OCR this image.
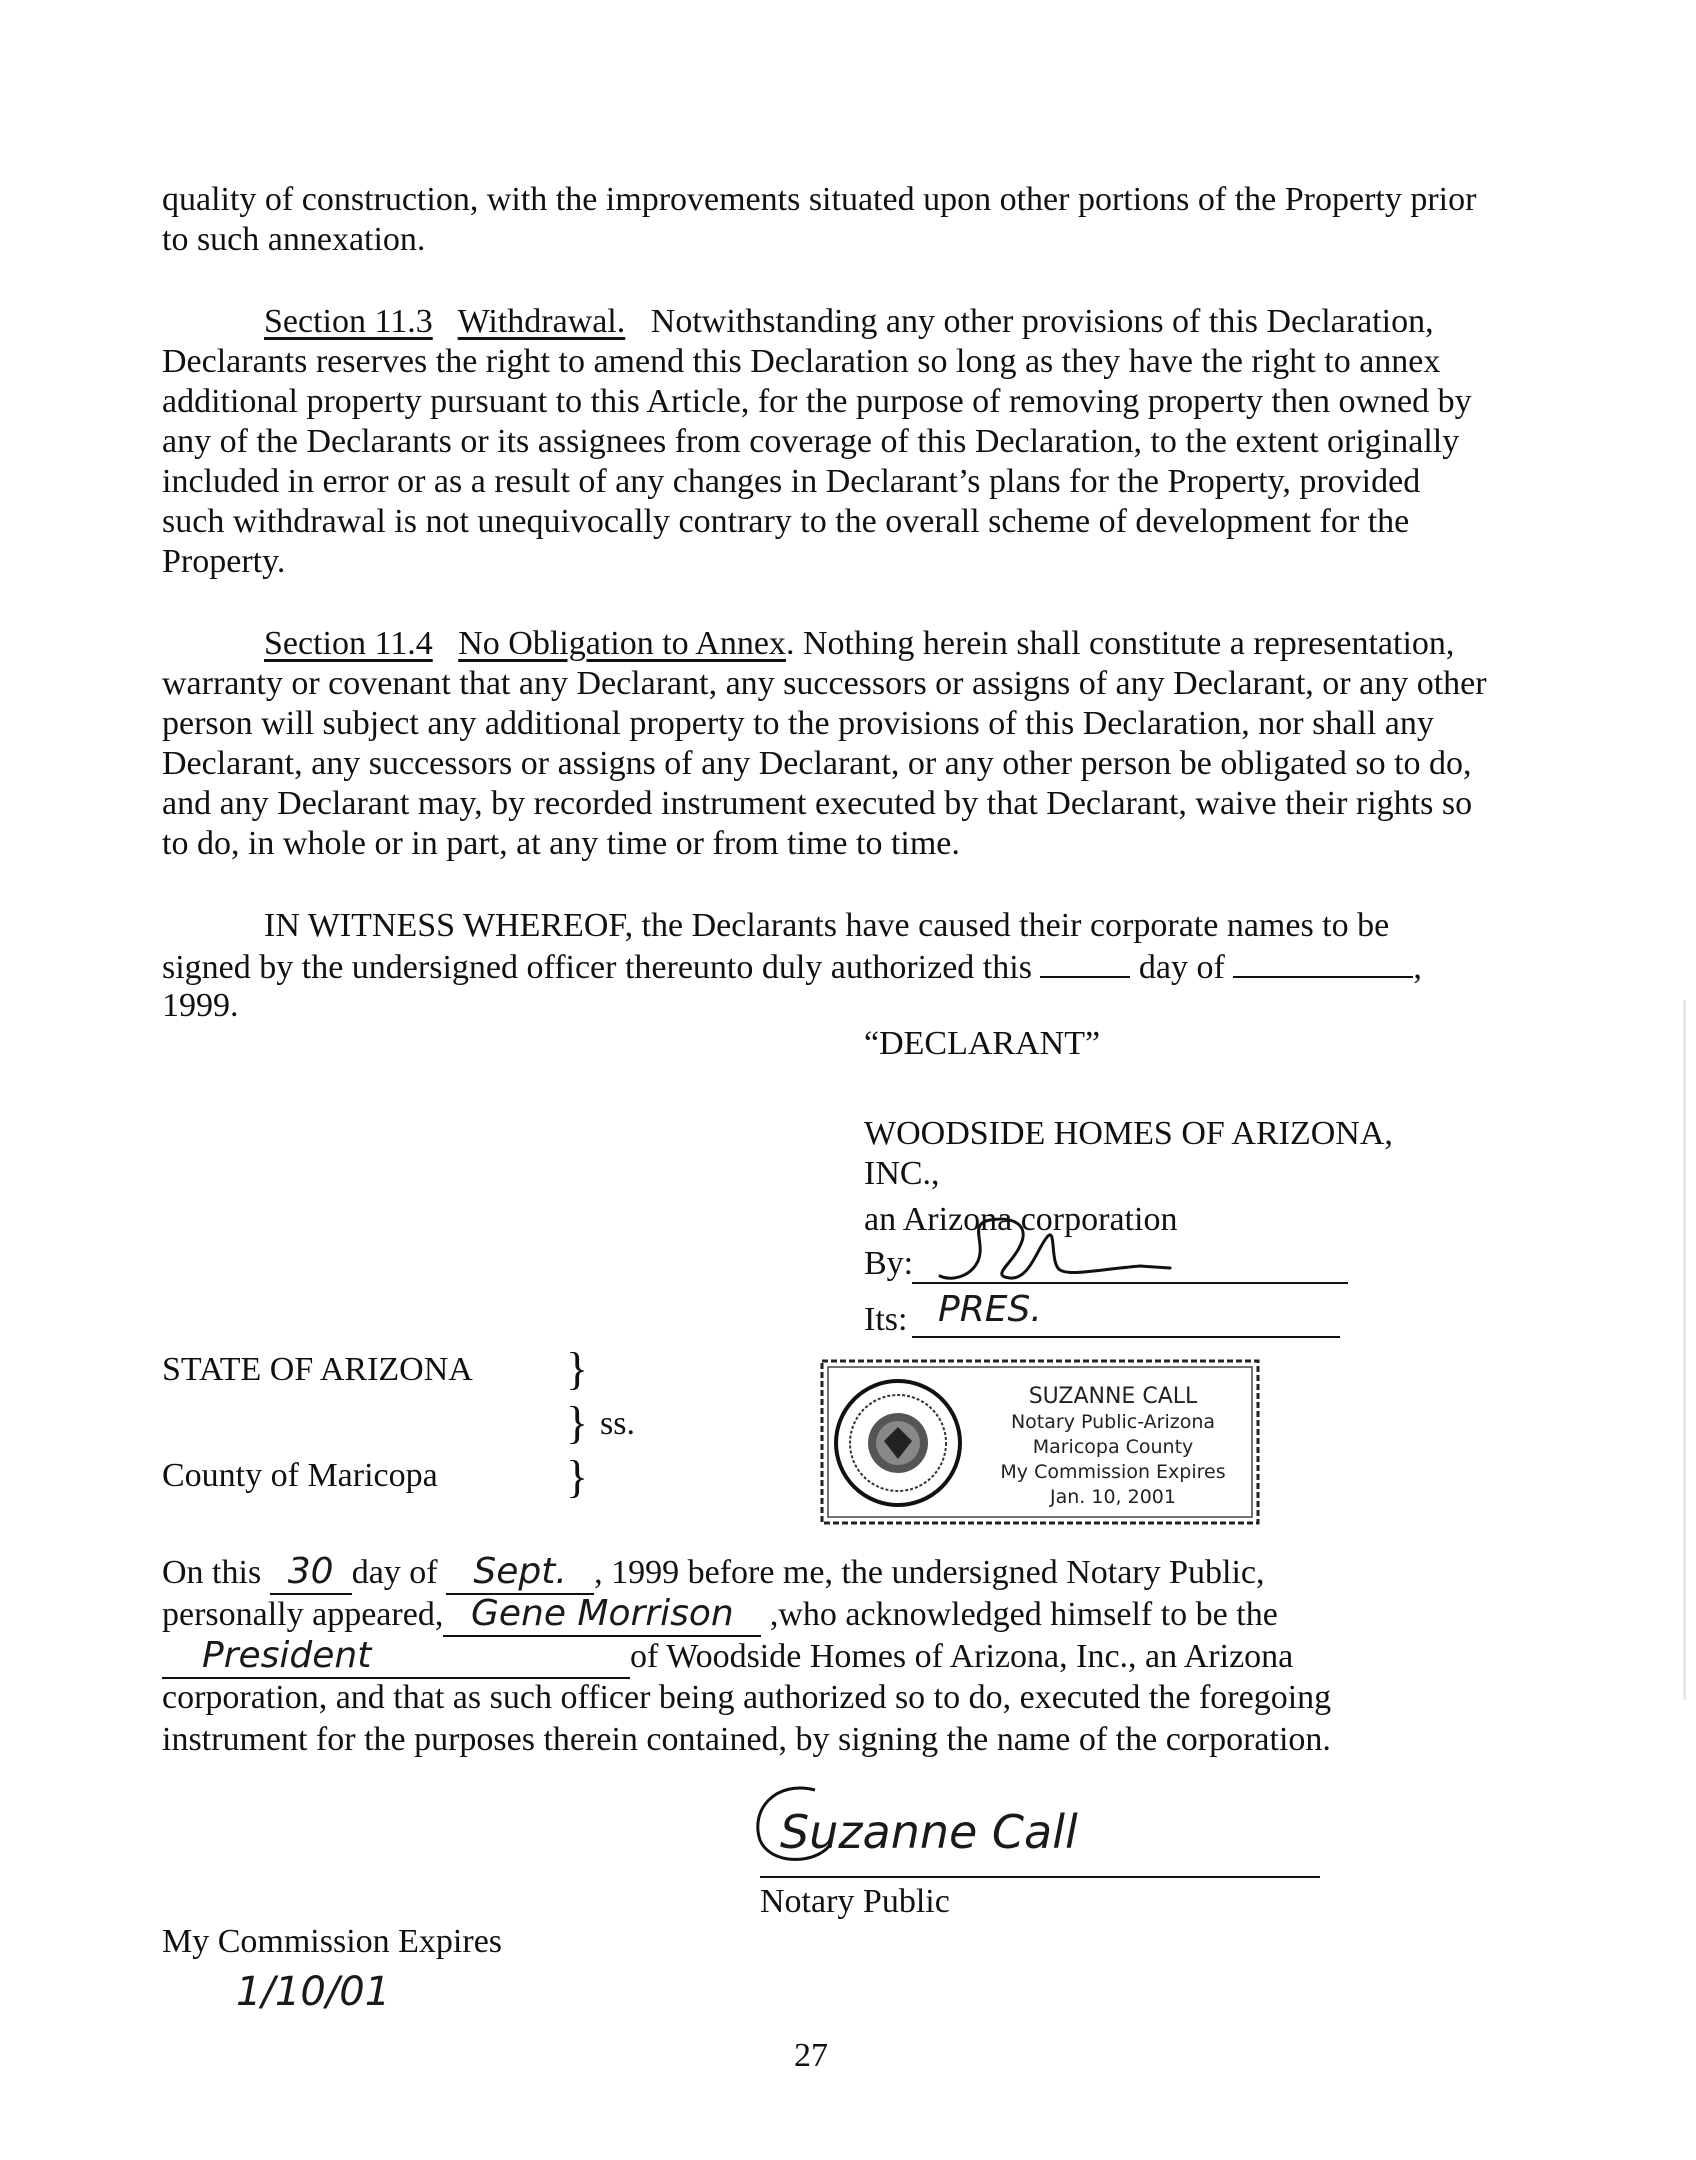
quality of construction, with the improvements situated upon other portions of the Property prior
to such annexation.
Section 11.3 Withdrawal. Notwithstanding any other provisions of this Declaration,
Declarants reserves the right to amend this Declaration so long as they have the right to annex
additional property pursuant to this Article, for the purpose of removing property then owned by
any of the Declarants or its assignees from coverage of this Declaration, to the extent originally
included in error or as a result of any changes in Declarant’s plans for the Property, provided
such withdrawal is not unequivocally contrary to the overall scheme of development for the
Property.
Section 11.4 No Obligation to Annex. Nothing herein shall constitute a representation,
warranty or covenant that any Declarant, any successors or assigns of any Declarant, or any other
person will subject any additional property to the provisions of this Declaration, nor shall any
Declarant, any successors or assigns of any Declarant, or any other person be obligated so to do,
and any Declarant may, by recorded instrument executed by that Declarant, waive their rights so
to do, in whole or in part, at any time or from time to time.
IN WITNESS WHEREOF, the Declarants have caused their corporate names to be
signed by the undersigned officer thereunto duly authorized this	day of	,
1999.
“DECLARANT”
WOODSIDE HOMES OF ARIZONA,
INC.,
an Arizona corporation
By:
Its: PRES.
STATE OF ARIZONA }
} ss.
County of Maricopa	}
SUZANNE CALL
Notary Public-Arizona
Maricopa County
My Commission Expires
Jan. 10, 2001
On this 30 day of Sept. , 1999 before me, the undersigned Notary Public,
personally appeared, Gene Morrison ,who acknowledged himself to be the
President	of Woodside Homes of Arizona, Inc., an Arizona
corporation, and that as such officer being authorized so to do, executed the foregoing
instrument for the purposes therein contained, by signing the name of the corporation.
Suzanne Call
Notary Public
My Commission Expires
1/10/01
27
